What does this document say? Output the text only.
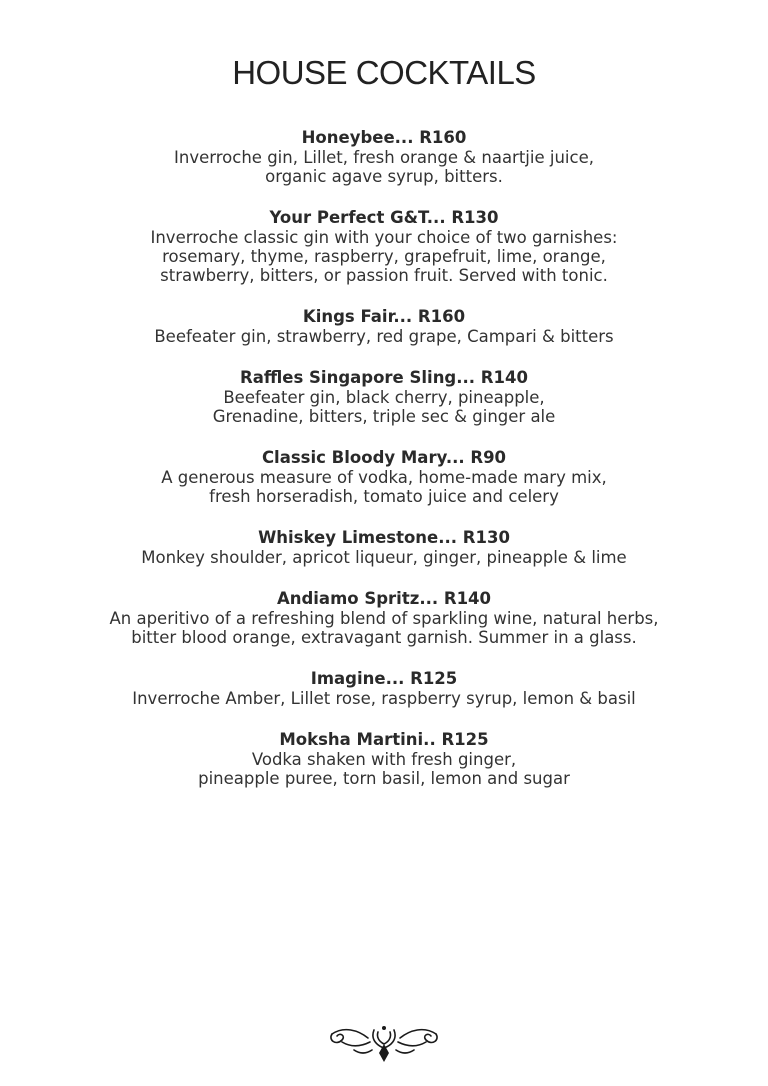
HOUSE COCKTAILS
Honeybee... R160
Inverroche gin, Lillet, fresh orange & naartjie juice,
organic agave syrup, bitters.
Your Perfect G&T... R130
Inverroche classic gin with your choice of two garnishes:
rosemary, thyme, raspberry, grapefruit, lime, orange,
strawberry, bitters, or passion fruit. Served with tonic.
Kings Fair... R160
Beefeater gin, strawberry, red grape, Campari & bitters
Raffles Singapore Sling... R140
Beefeater gin, black cherry, pineapple,
Grenadine, bitters, triple sec & ginger ale
Classic Bloody Mary... R90
A generous measure of vodka, home-made mary mix,
fresh horseradish, tomato juice and celery
Whiskey Limestone... R130
Monkey shoulder, apricot liqueur, ginger, pineapple & lime
Andiamo Spritz... R140
An aperitivo of a refreshing blend of sparkling wine, natural herbs,
bitter blood orange, extravagant garnish. Summer in a glass.
Imagine... R125
Inverroche Amber, Lillet rose, raspberry syrup, lemon & basil
Moksha Martini.. R125
Vodka shaken with fresh ginger,
pineapple puree, torn basil, lemon and sugar
